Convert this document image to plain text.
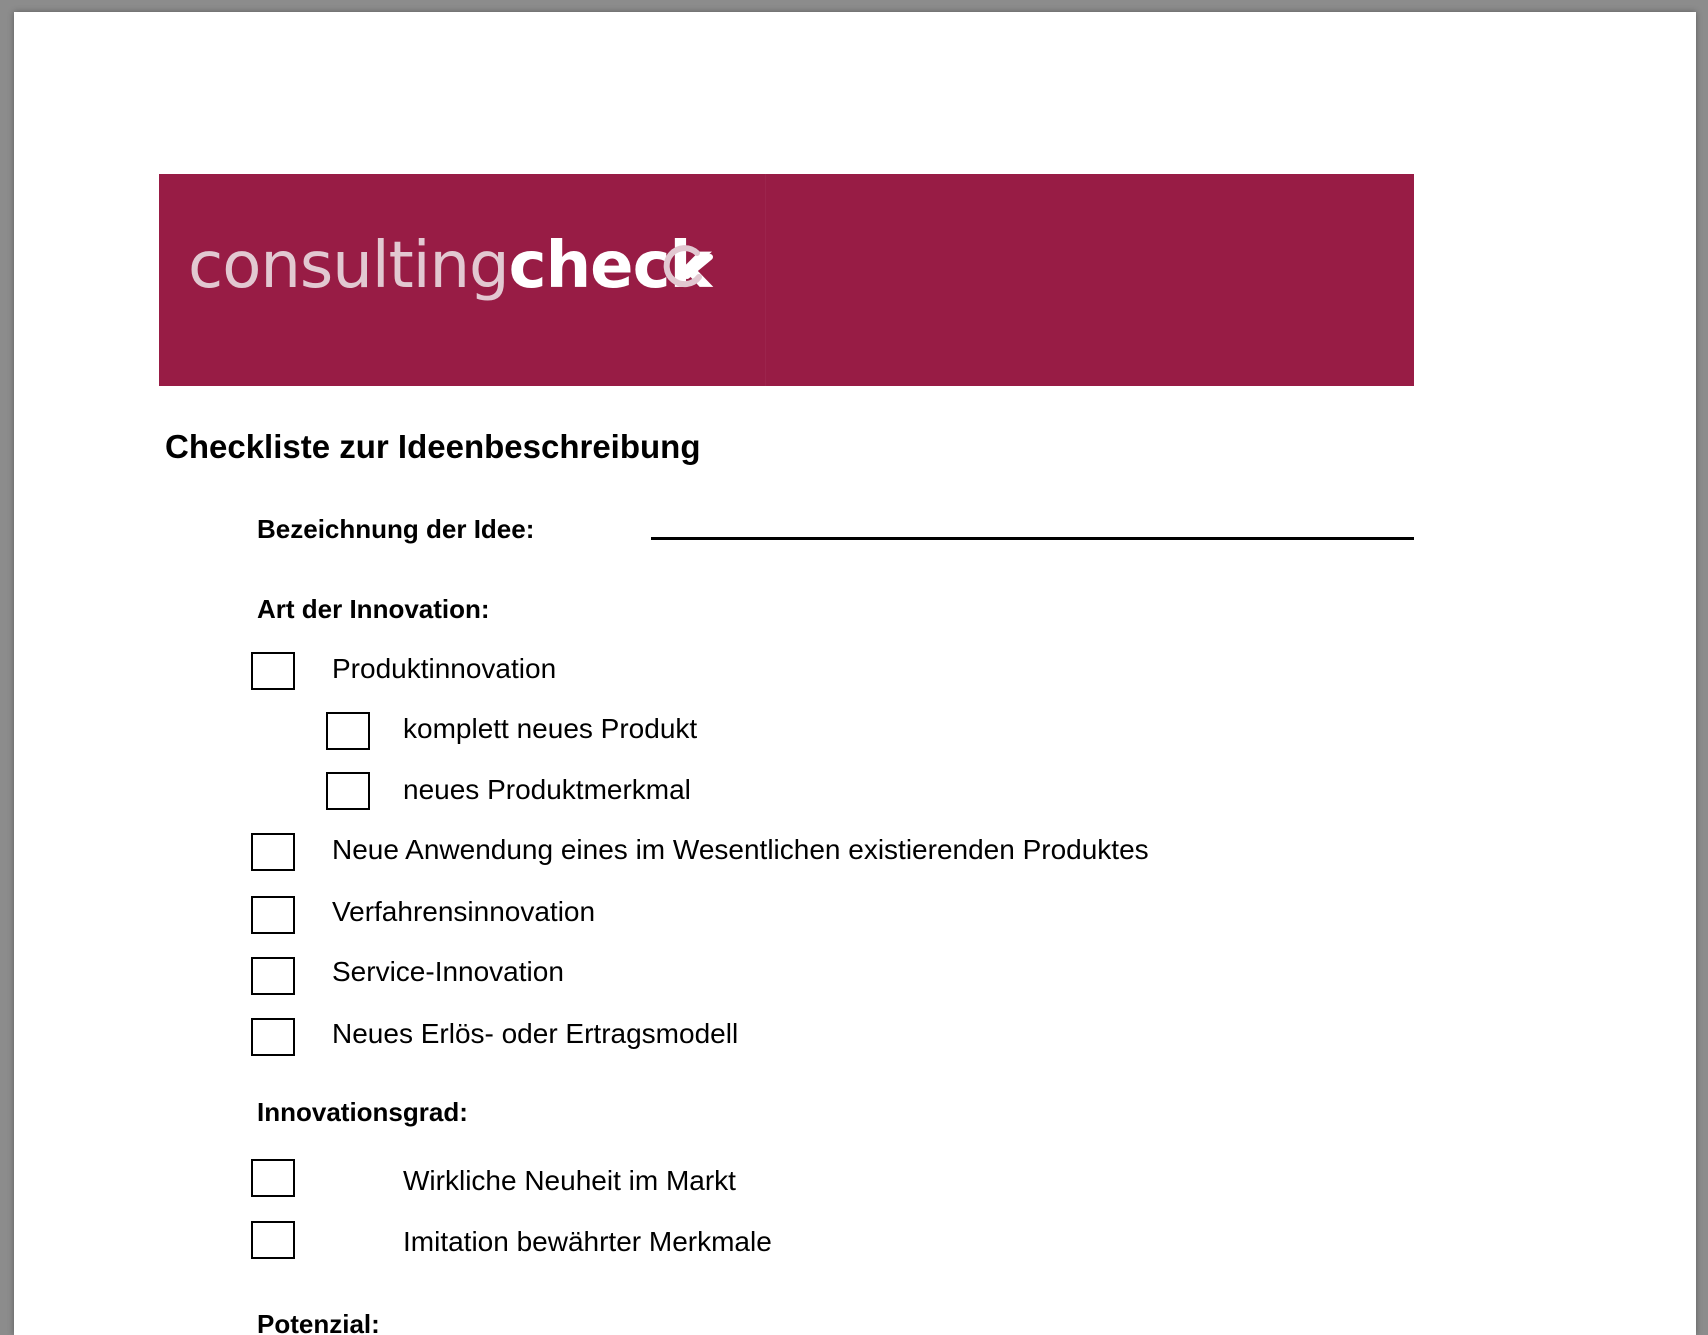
consultingcheck
Checkliste zur Ideenbeschreibung
Bezeichnung der Idee:
Art der Innovation:
Produktinnovation
komplett neues Produkt
neues Produktmerkmal
Neue Anwendung eines im Wesentlichen existierenden Produktes
Verfahrensinnovation
Service-Innovation
Neues Erlös- oder Ertragsmodell
Innovationsgrad:
Wirkliche Neuheit im Markt
Imitation bewährter Merkmale
Potenzial:
